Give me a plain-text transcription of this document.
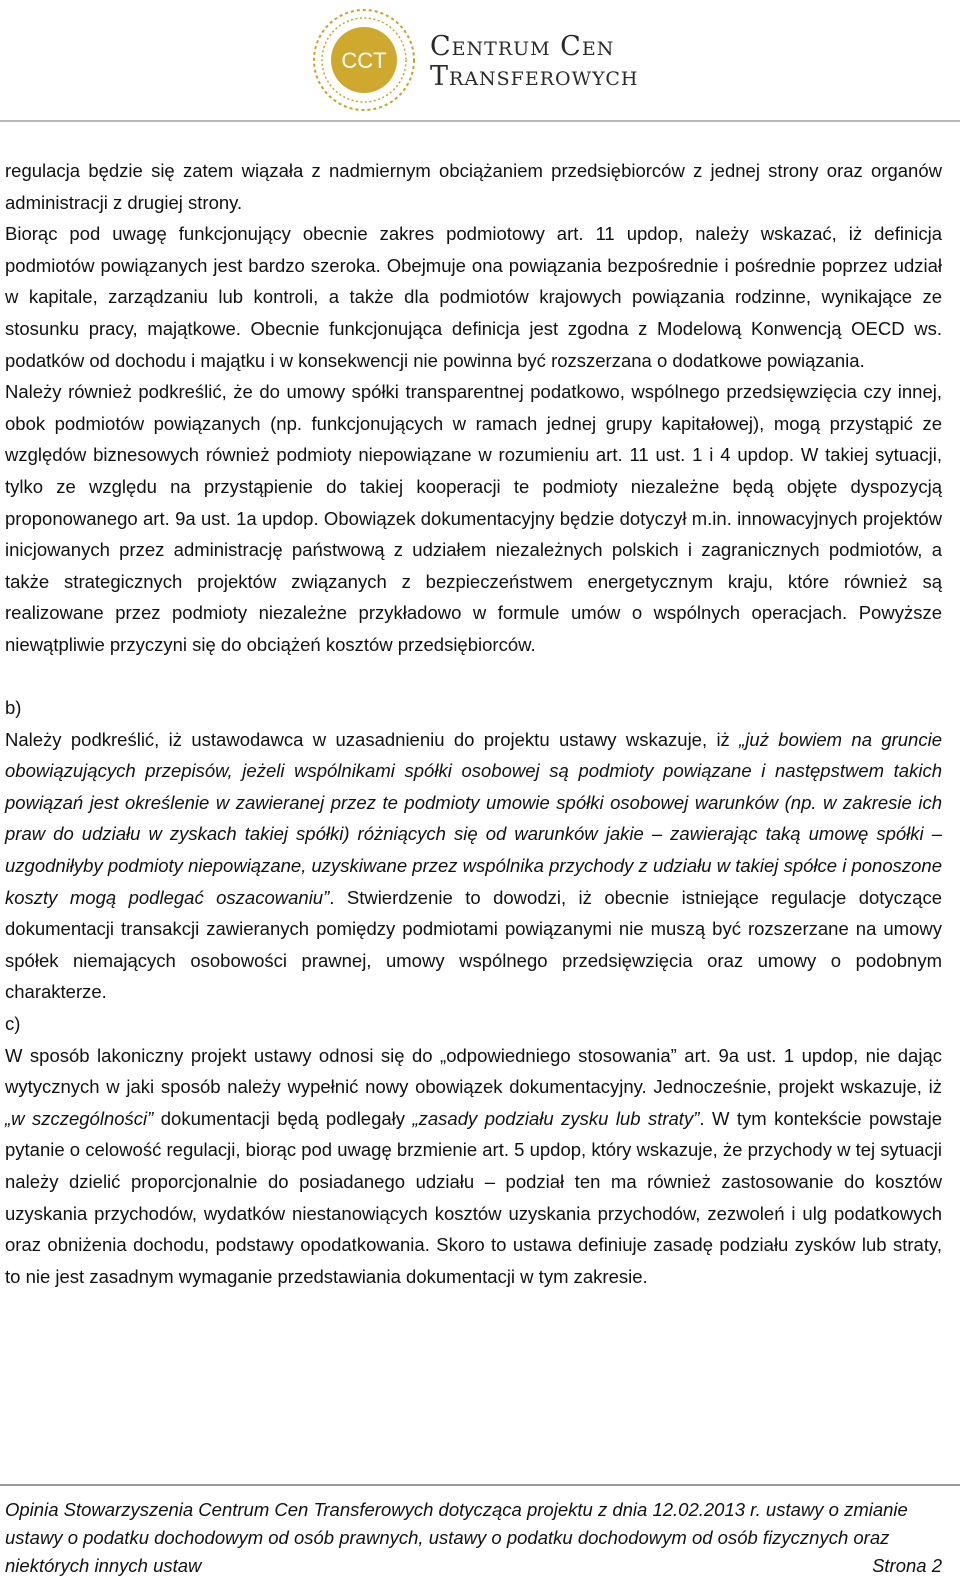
CCT Centrum Cen
Transferowych

regulacja będzie się zatem wiązała z nadmiernym obciążaniem przedsiębiorców z jednej strony oraz organów administracji z drugiej strony.

Biorąc pod uwagę funkcjonujący obecnie zakres podmiotowy art. 11 updop, należy wskazać, iż definicja podmiotów powiązanych jest bardzo szeroka. Obejmuje ona powiązania bezpośrednie i pośrednie poprzez udział w kapitale, zarządzaniu lub kontroli, a także dla podmiotów krajowych powiązania rodzinne, wynikające ze stosunku pracy, majątkowe. Obecnie funkcjonująca definicja jest zgodna z Modelową Konwencją OECD ws. podatków od dochodu i majątku i w konsekwencji nie powinna być rozszerzana o dodatkowe powiązania.

Należy również podkreślić, że do umowy spółki transparentnej podatkowo, wspólnego przedsięwzięcia czy innej, obok podmiotów powiązanych (np. funkcjonujących w ramach jednej grupy kapitałowej), mogą przystąpić ze względów biznesowych również podmioty niepowiązane w rozumieniu art. 11 ust. 1 i 4 updop. W takiej sytuacji, tylko ze względu na przystąpienie do takiej kooperacji te podmioty niezależne będą objęte dyspozycją proponowanego art. 9a ust. 1a updop. Obowiązek dokumentacyjny będzie dotyczył m.in. innowacyjnych projektów inicjowanych przez administrację państwową z udziałem niezależnych polskich i zagranicznych podmiotów, a także strategicznych projektów związanych z bezpieczeństwem energetycznym kraju, które również są realizowane przez podmioty niezależne przykładowo w formule umów o wspólnych operacjach. Powyższe niewątpliwie przyczyni się do obciążeń kosztów przedsiębiorców.

b)

Należy podkreślić, iż ustawodawca w uzasadnieniu do projektu ustawy wskazuje, iż „już bowiem na gruncie obowiązujących przepisów, jeżeli wspólnikami spółki osobowej są podmioty powiązane i następstwem takich powiązań jest określenie w zawieranej przez te podmioty umowie spółki osobowej warunków (np. w zakresie ich praw do udziału w zyskach takiej spółki) różniących się od warunków jakie – zawierając taką umowę spółki – uzgodniłyby podmioty niepowiązane, uzyskiwane przez wspólnika przychody z udziału w takiej spółce i ponoszone koszty mogą podlegać oszacowaniu”. Stwierdzenie to dowodzi, iż obecnie istniejące regulacje dotyczące dokumentacji transakcji zawieranych pomiędzy podmiotami powiązanymi nie muszą być rozszerzane na umowy spółek niemających osobowości prawnej, umowy wspólnego przedsięwzięcia oraz umowy o podobnym charakterze.

c)

W sposób lakoniczny projekt ustawy odnosi się do „odpowiedniego stosowania” art. 9a ust. 1 updop, nie dając wytycznych w jaki sposób należy wypełnić nowy obowiązek dokumentacyjny. Jednocześnie, projekt wskazuje, iż „w szczególności” dokumentacji będą podlegały „zasady podziału zysku lub straty”. W tym kontekście powstaje pytanie o celowość regulacji, biorąc pod uwagę brzmienie art. 5 updop, który wskazuje, że przychody w tej sytuacji należy dzielić proporcjonalnie do posiadanego udziału – podział ten ma również zastosowanie do kosztów uzyskania przychodów, wydatków niestanowiących kosztów uzyskania przychodów, zezwoleń i ulg podatkowych oraz obniżenia dochodu, podstawy opodatkowania. Skoro to ustawa definiuje zasadę podziału zysków lub straty, to nie jest zasadnym wymaganie przedstawiania dokumentacji w tym zakresie.

Opinia Stowarzyszenia Centrum Cen Transferowych dotycząca projektu z dnia 12.02.2013 r. ustawy o zmianie ustawy o podatku dochodowym od osób prawnych, ustawy o podatku dochodowym od osób fizycznych oraz niektórych innych ustaw	Strona 2
